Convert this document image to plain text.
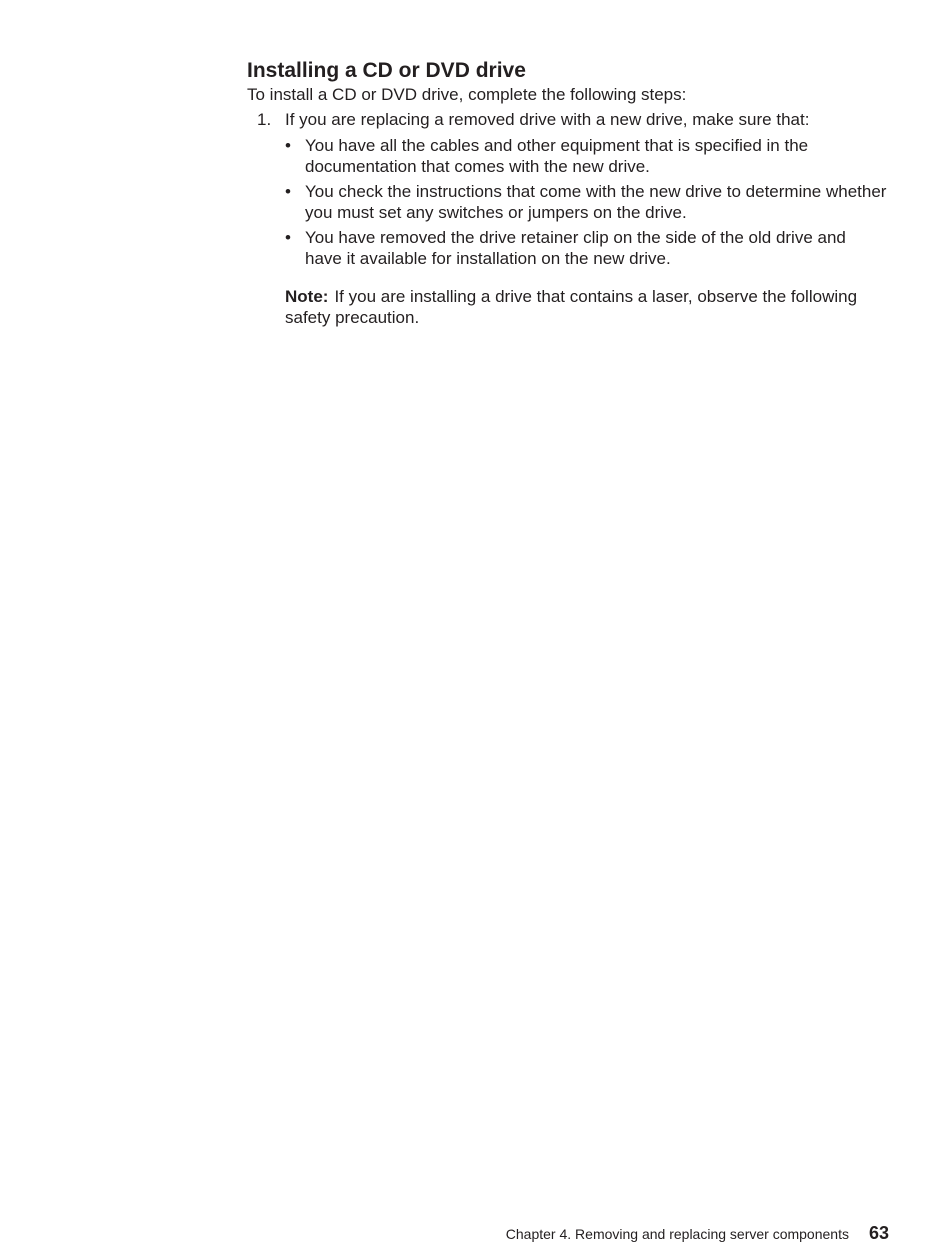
Installing a CD or DVD drive

To install a CD or DVD drive, complete the following steps:

1. If you are replacing a removed drive with a new drive, make sure that:
• You have all the cables and other equipment that is specified in the documentation that comes with the new drive.
• You check the instructions that come with the new drive to determine whether you must set any switches or jumpers on the drive.
• You have removed the drive retainer clip on the side of the old drive and have it available for installation on the new drive.
Note: If you are installing a drive that contains a laser, observe the following safety precaution.
Chapter 4. Removing and replacing server components 63
